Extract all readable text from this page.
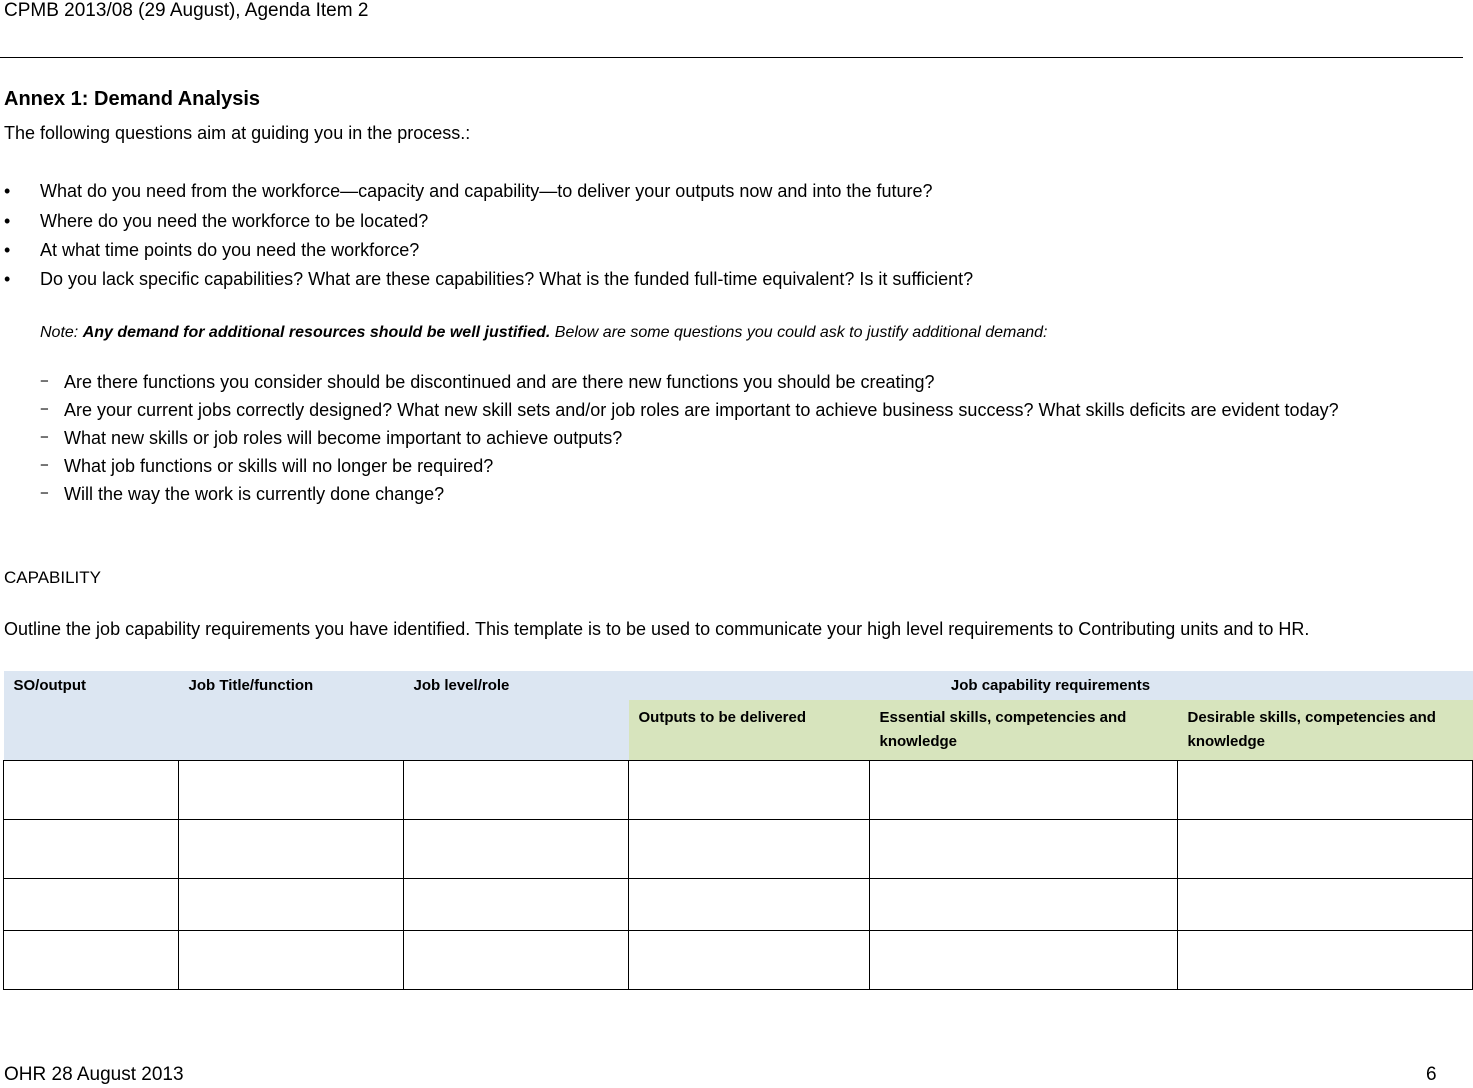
CPMB 2013/08 (29 August), Agenda Item 2
Annex 1: Demand Analysis
The following questions aim at guiding you in the process.:
• What do you need from the workforce—capacity and capability—to deliver your outputs now and into the future?
• Where do you need the workforce to be located?
• At what time points do you need the workforce?
• Do you lack specific capabilities? What are these capabilities? What is the funded full-time equivalent? Is it sufficient?
Note: Any demand for additional resources should be well justified. Below are some questions you could ask to justify additional demand:
− Are there functions you consider should be discontinued and are there new functions you should be creating?
− Are your current jobs correctly designed? What new skill sets and/or job roles are important to achieve business success? What skills deficits are evident today?
− What new skills or job roles will become important to achieve outputs?
− What job functions or skills will no longer be required?
− Will the way the work is currently done change?
CAPABILITY
Outline the job capability requirements you have identified. This template is to be used to communicate your high level requirements to Contributing units and to HR.
SO/output	Job Title/function	Job level/role	Job capability requirements		
			Outputs to be delivered	Essential skills, competencies and knowledge	Desirable skills, competencies and knowledge

OHR 28 August 2013	6
